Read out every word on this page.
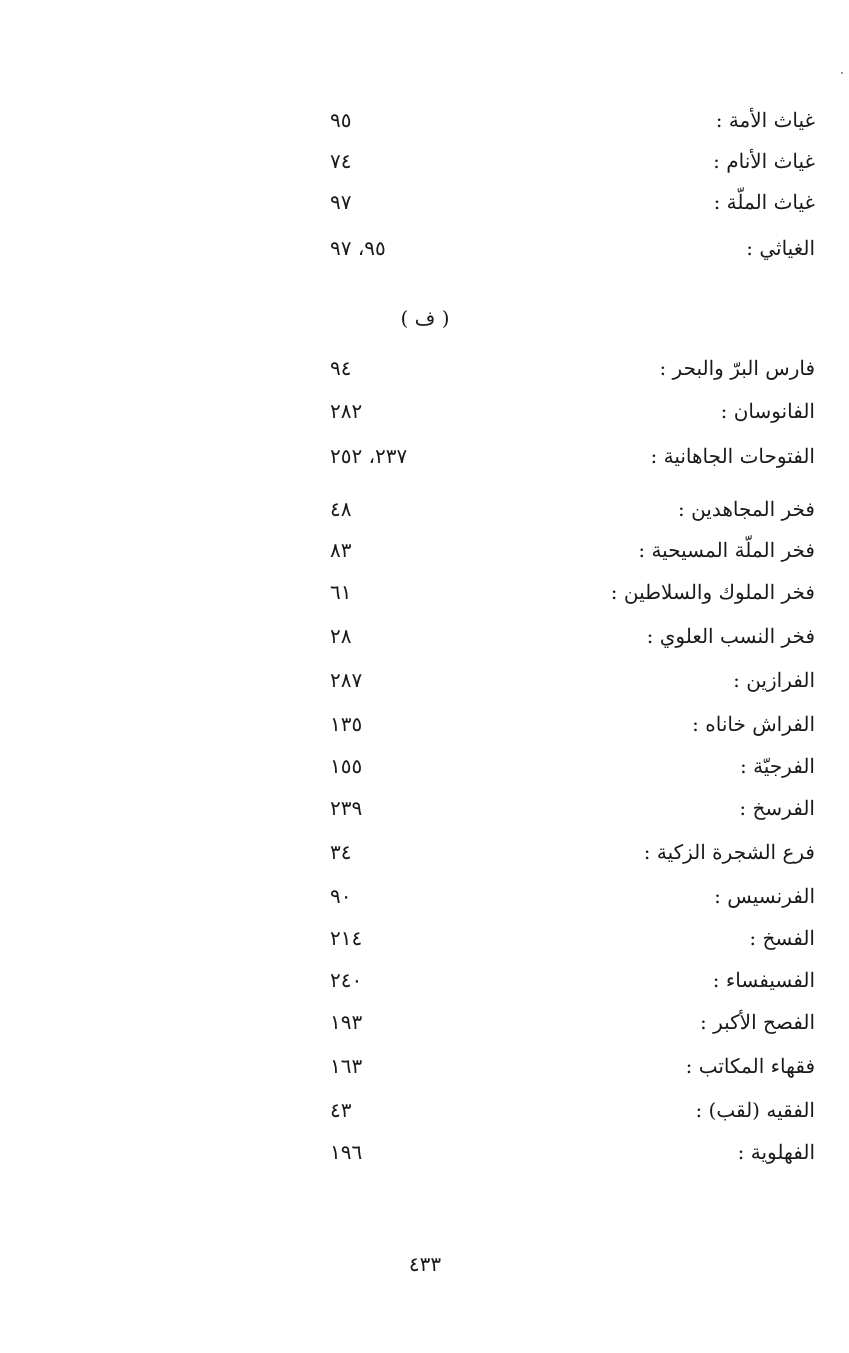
غياث الأمة :
٩٥
غياث الأنام :
٧٤
غياث الملّة :
٩٧
الغياثي :
٩٥، ٩٧
( ف )
فارس البرّ والبحر :
٩٤
الفانوسان :
٢٨٢
الفتوحات الجاهانية :
٢٣٧، ٢٥٢
فخر المجاهدين :
٤٨
فخر الملّة المسيحية :
٨٣
فخر الملوك والسلاطين :
٦١
فخر النسب العلوي :
٢٨
الفرازين :
٢٨٧
الفراش خاناه :
١٣٥
الفرجيّة :
١٥٥
الفرسخ :
٢٣٩
فرع الشجرة الزكية :
٣٤
الفرنسيس :
٩٠
الفسخ :
٢١٤
الفسيفساء :
٢٤٠
الفصح الأكبر :
١٩٣
فقهاء المكاتب :
١٦٣
الفقيه (لقب) :
٤٣
الفهلوية :
١٩٦
٤٣٣
